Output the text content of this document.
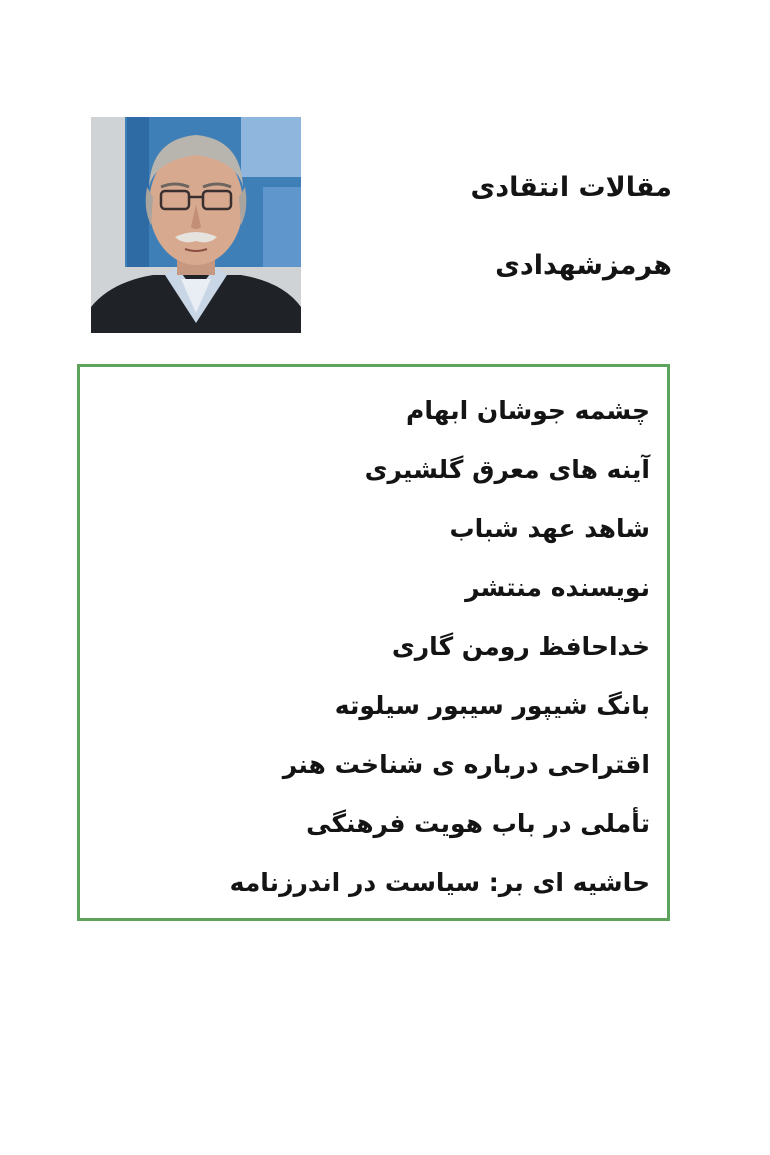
مقالات انتقادی
هرمزشهدادی
چشمه جوشان ابهام
آینه های معرق گلشیری
شاهد عهد شباب
نویسنده منتشر
خداحافظ رومن گاری
بانگ شیپور سیبور سیلوته
اقتراحی درباره ی شناخت هنر
تأملی در باب هویت فرهنگی
حاشیه ای بر: سیاست در اندرزنامه
